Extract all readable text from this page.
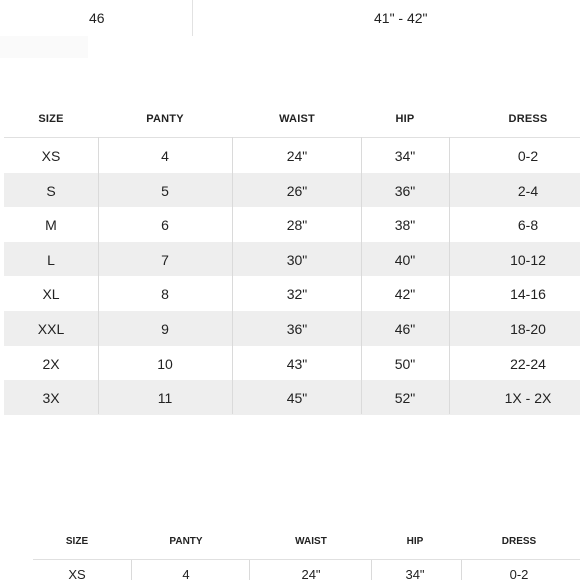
46	41" - 42"
SIZE	PANTY	WAIST	HIP	DRESS
XS	4	24"	34"	0-2
S	5	26"	36"	2-4
M	6	28"	38"	6-8
L	7	30"	40"	10-12
XL	8	32"	42"	14-16
XXL	9	36"	46"	18-20
2X	10	43"	50"	22-24
3X	11	45"	52"	1X - 2X
SIZE	PANTY	WAIST	HIP	DRESS
XS	4	24"	34"	0-2
